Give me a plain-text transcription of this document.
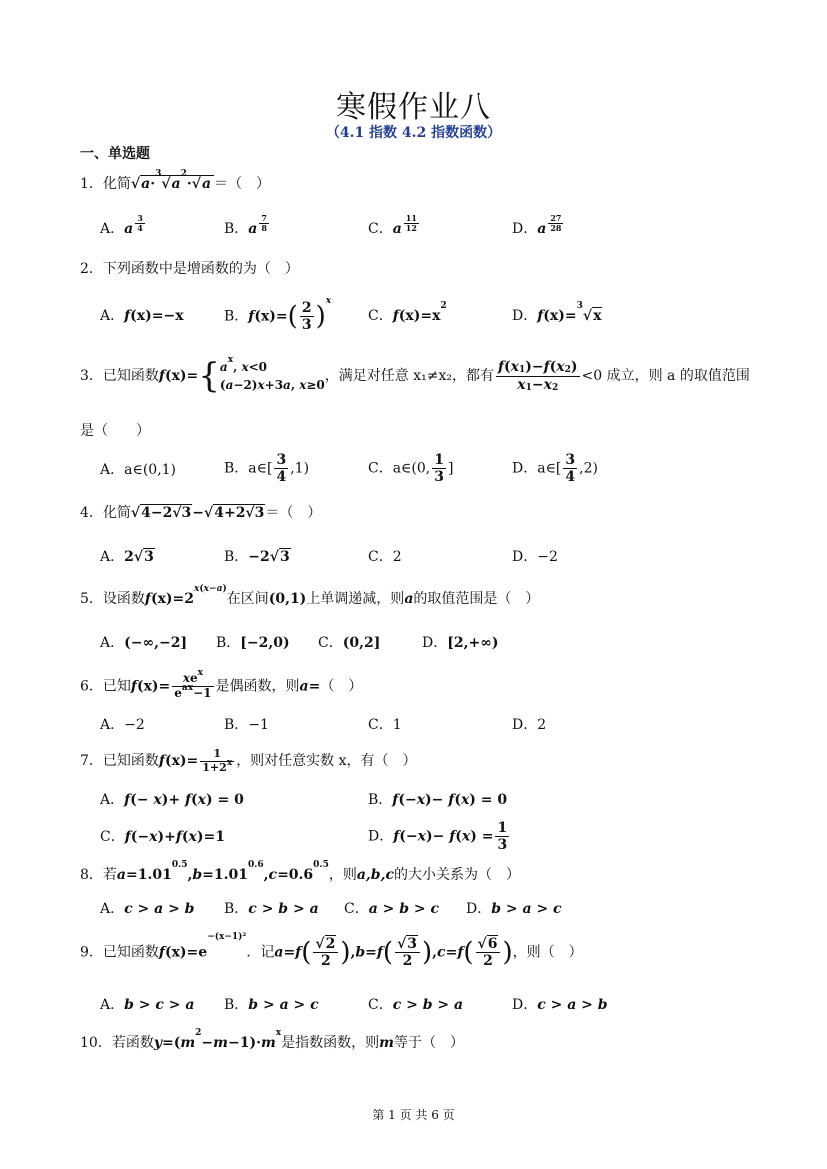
寒假作业八
（4.1 指数 4.2 指数函数）
一、单选题
1．化简$√a\cdot^3√a^2\cdot√a$ ＝（　）
A．a $^{\frac{3}{4}}$	B．a $^{\frac{7}{8}}$	C．a $^{\frac{11}{12}}$	D．a $^{\frac{27}{28}}$
2．下列函数中是增函数的为（　）
A．f(x)=−x	B．$f(x)=( \frac{2}{3} )^x$
C．$f(x)=x^2$
D．f(x)=$^3$√x
3．已知函数$f(x)=\{a^x$, x<0
(a−2)x+3a, x≥0，满足对任意 x₁≠x₂，都有 $\frac{f(x1)-f(x2)}{x1-x2} <0$ 成立，则 a 的取值范围
是（　　）
A．a∈(0,1)	B．a∈[ $\frac{3}{4} ,1$)	C．a∈(0, $\frac{1}{3}$ ]	D．a∈[ $\frac{3}{4} ,2$)
4．化简√4−2√3−√4+2√3＝（　）
A．2√3	B．−2√3	C．2	D．−2
5．设函数$f(x)=2^{x(x-a)}$在区间(0,1)上单调递减，则a的取值范围是（　）
A．(−∞,−2] B．[−2,0) C．(0,2]	D．[2,+∞)
6．已知$f(x)= \frac{xe^x}{e^{ax}-1}$ 是偶函数，则a=（　）
A．−2	B．−1	C．1	D．2
7．已知函数$f(x)= \frac{1}{1+2^x}$ ，则对任意实数 x，有（　）
A．f(− x)+ f(x) = 0	B．f(−x)− f(x) = 0
C．f(−x)+f(x)=1	D．$f(-x)- f(x) = \frac{1}{3}$
8．若$a=1.01^{0.5},b=1.01^{0.6},c=0.6^{0.5}$，则a,b,c的大小关系为（　）
A．c > a > b B．c > b > a C．a > b > c D．b > a > c
9．已知函数$f(x)=e^{-(x-1)^2}$．记$a=f( \frac{√2}{2} ),b=f( \frac{√3}{2} ),c=f( \frac{√6}{2}$ )，则（　）
A．b > c > a B．b > a > c	C．c > b > a	D．c > a > b
10．若函数$y=(m^2-m-1)\cdot m^x$是指数函数，则m等于（　）
第 1 页 共 6 页
